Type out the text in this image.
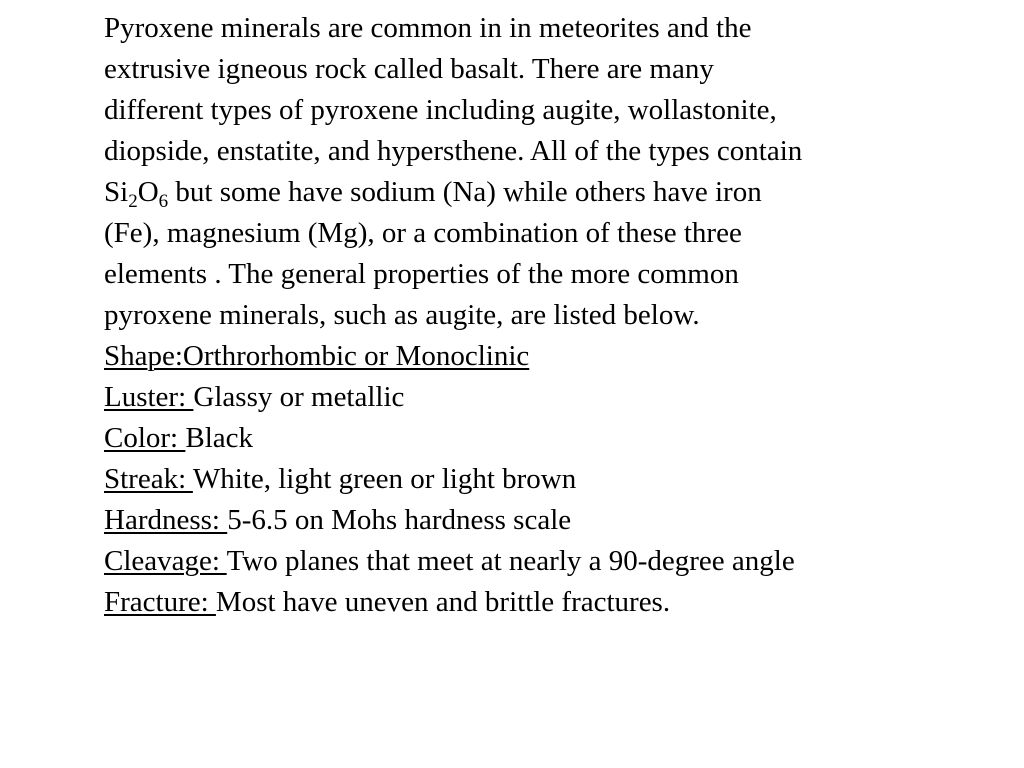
Pyroxene minerals are common in in meteorites and the
extrusive igneous rock called basalt. There are many
different types of pyroxene including augite, wollastonite,
diopside, enstatite, and hypersthene. All of the types contain
$Si_2O_6$ but some have sodium (Na) while others have iron
(Fe), magnesium (Mg), or a combination of these three
elements . The general properties of the more common
pyroxene minerals, such as augite, are listed below.
Shape:Orthrorhombic or Monoclinic
Luster: Glassy or metallic
Color: Black
Streak: White, light green or light brown
Hardness: 5-6.5 on Mohs hardness scale
Cleavage: Two planes that meet at nearly a 90-degree angle
Fracture: Most have uneven and brittle fractures.
